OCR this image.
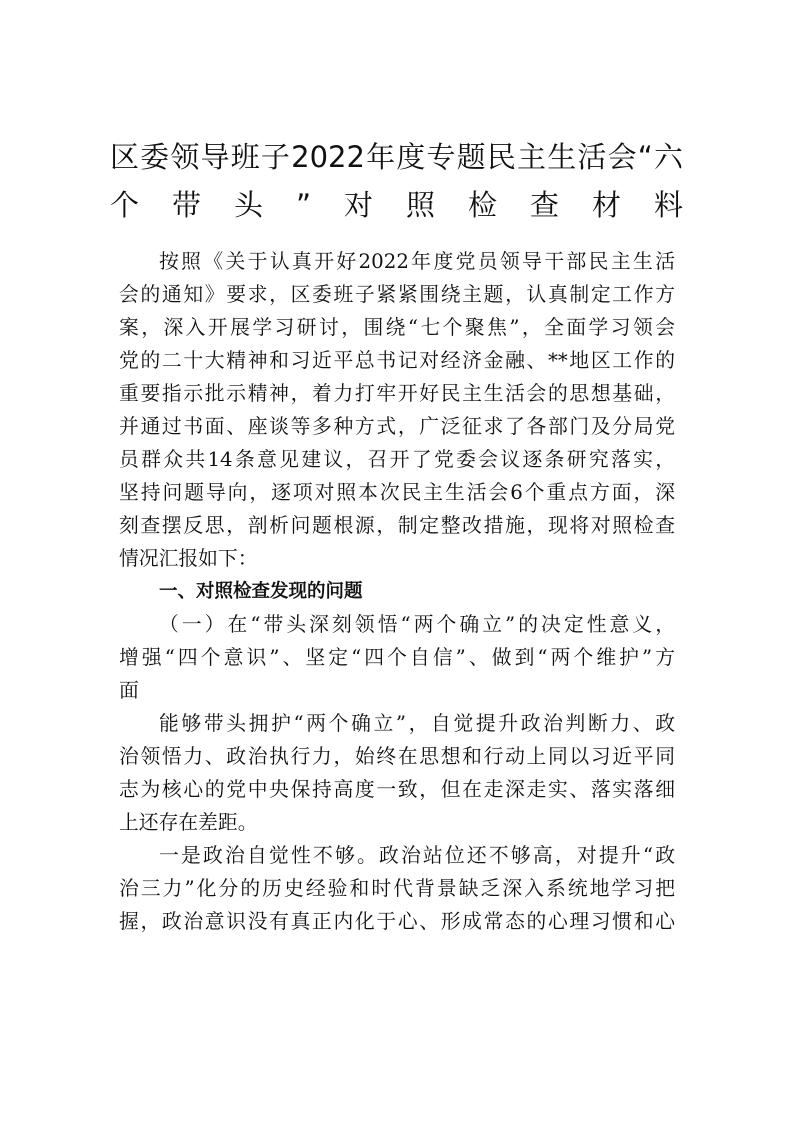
区委领导班子2022年度专题民主生活会“六
个带头”对照检查材料
按照《关于认真开好2022年度党员领导干部民主生活
会的通知》要求，区委班子紧紧围绕主题，认真制定工作方
案，深入开展学习研讨，围绕“七个聚焦”，全面学习领会
党的二十大精神和习近平总书记对经济金融、**地区工作的
重要指示批示精神，着力打牢开好民主生活会的思想基础，
并通过书面、座谈等多种方式，广泛征求了各部门及分局党
员群众共14条意见建议，召开了党委会议逐条研究落实，
坚持问题导向，逐项对照本次民主生活会6个重点方面，深
刻查摆反思，剖析问题根源，制定整改措施，现将对照检查
情况汇报如下：
一、对照检查发现的问题
（一）在“带头深刻领悟“两个确立”的决定性意义，
增强“四个意识”、坚定“四个自信”、做到“两个维护”方
面
能够带头拥护“两个确立”，自觉提升政治判断力、政
治领悟力、政治执行力，始终在思想和行动上同以习近平同
志为核心的党中央保持高度一致，但在走深走实、落实落细
上还存在差距。
一是政治自觉性不够。政治站位还不够高，对提升“政
治三力”化分的历史经验和时代背景缺乏深入系统地学习把
握，政治意识没有真正内化于心、形成常态的心理习惯和心
